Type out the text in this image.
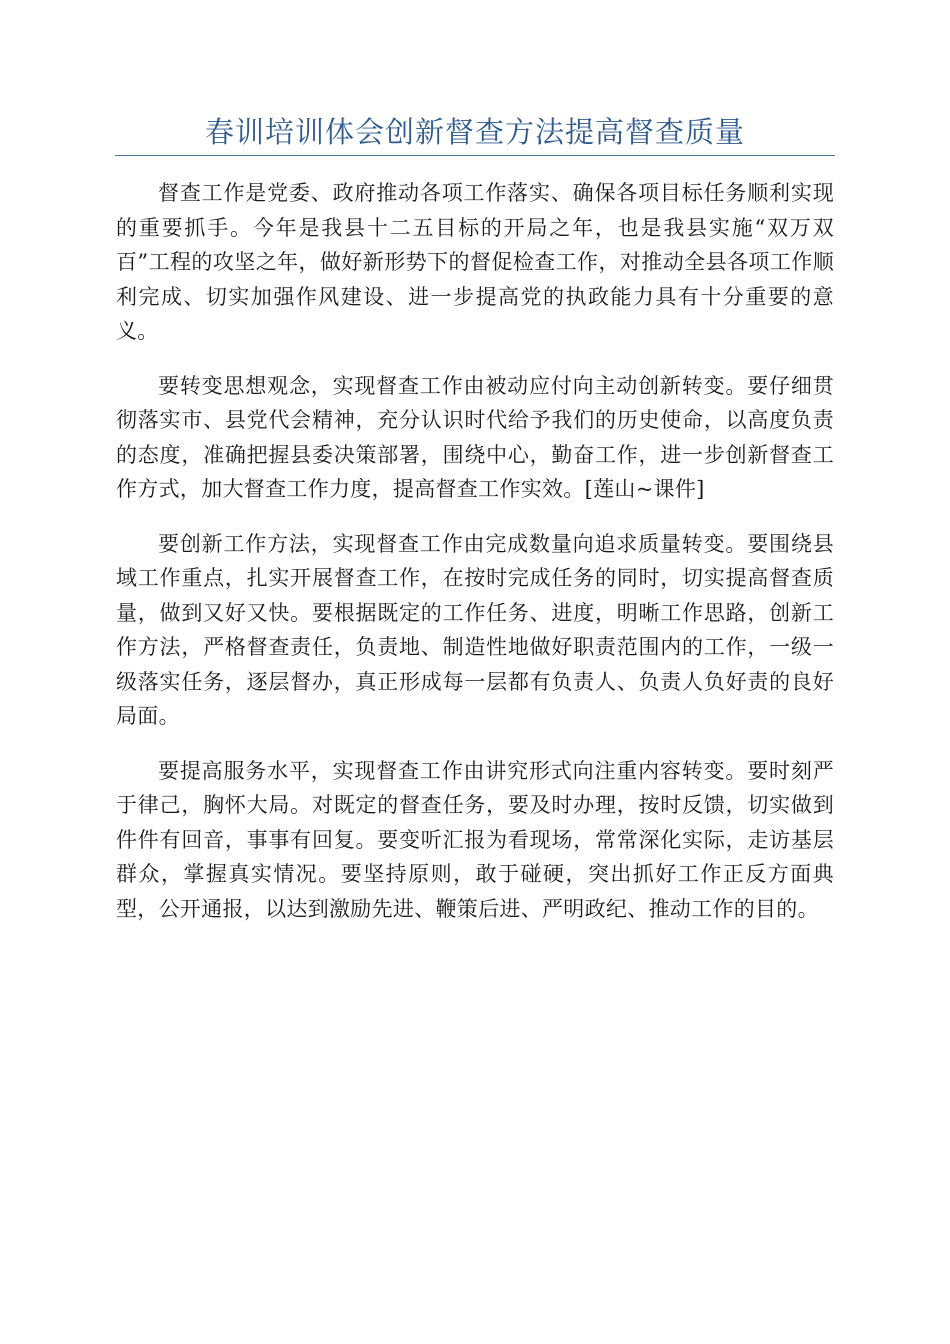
春训培训体会创新督查方法提高督查质量

督查工作是党委、政府推动各项工作落实、确保各项目标任务顺利实现的重要抓手。今年是我县十二五目标的开局之年，也是我县实施“双万双百”工程的攻坚之年，做好新形势下的督促检查工作，对推动全县各项工作顺利完成、切实加强作风建设、进一步提高党的执政能力具有十分重要的意义。

要转变思想观念，实现督查工作由被动应付向主动创新转变。要仔细贯彻落实市、县党代会精神，充分认识时代给予我们的历史使命，以高度负责的态度，准确把握县委决策部署，围绕中心，勤奋工作，进一步创新督查工作方式，加大督查工作力度，提高督查工作实效。[莲山~课件]

要创新工作方法，实现督查工作由完成数量向追求质量转变。要围绕县域工作重点，扎实开展督查工作，在按时完成任务的同时，切实提高督查质量，做到又好又快。要根据既定的工作任务、进度，明晰工作思路，创新工作方法，严格督查责任，负责地、制造性地做好职责范围内的工作，一级一级落实任务，逐层督办，真正形成每一层都有负责人、负责人负好责的良好局面。

要提高服务水平，实现督查工作由讲究形式向注重内容转变。要时刻严于律己，胸怀大局。对既定的督查任务，要及时办理，按时反馈，切实做到件件有回音，事事有回复。要变听汇报为看现场，常常深化实际，走访基层群众，掌握真实情况。要坚持原则，敢于碰硬，突出抓好工作正反方面典型，公开通报，以达到激励先进、鞭策后进、严明政纪、推动工作的目的。
